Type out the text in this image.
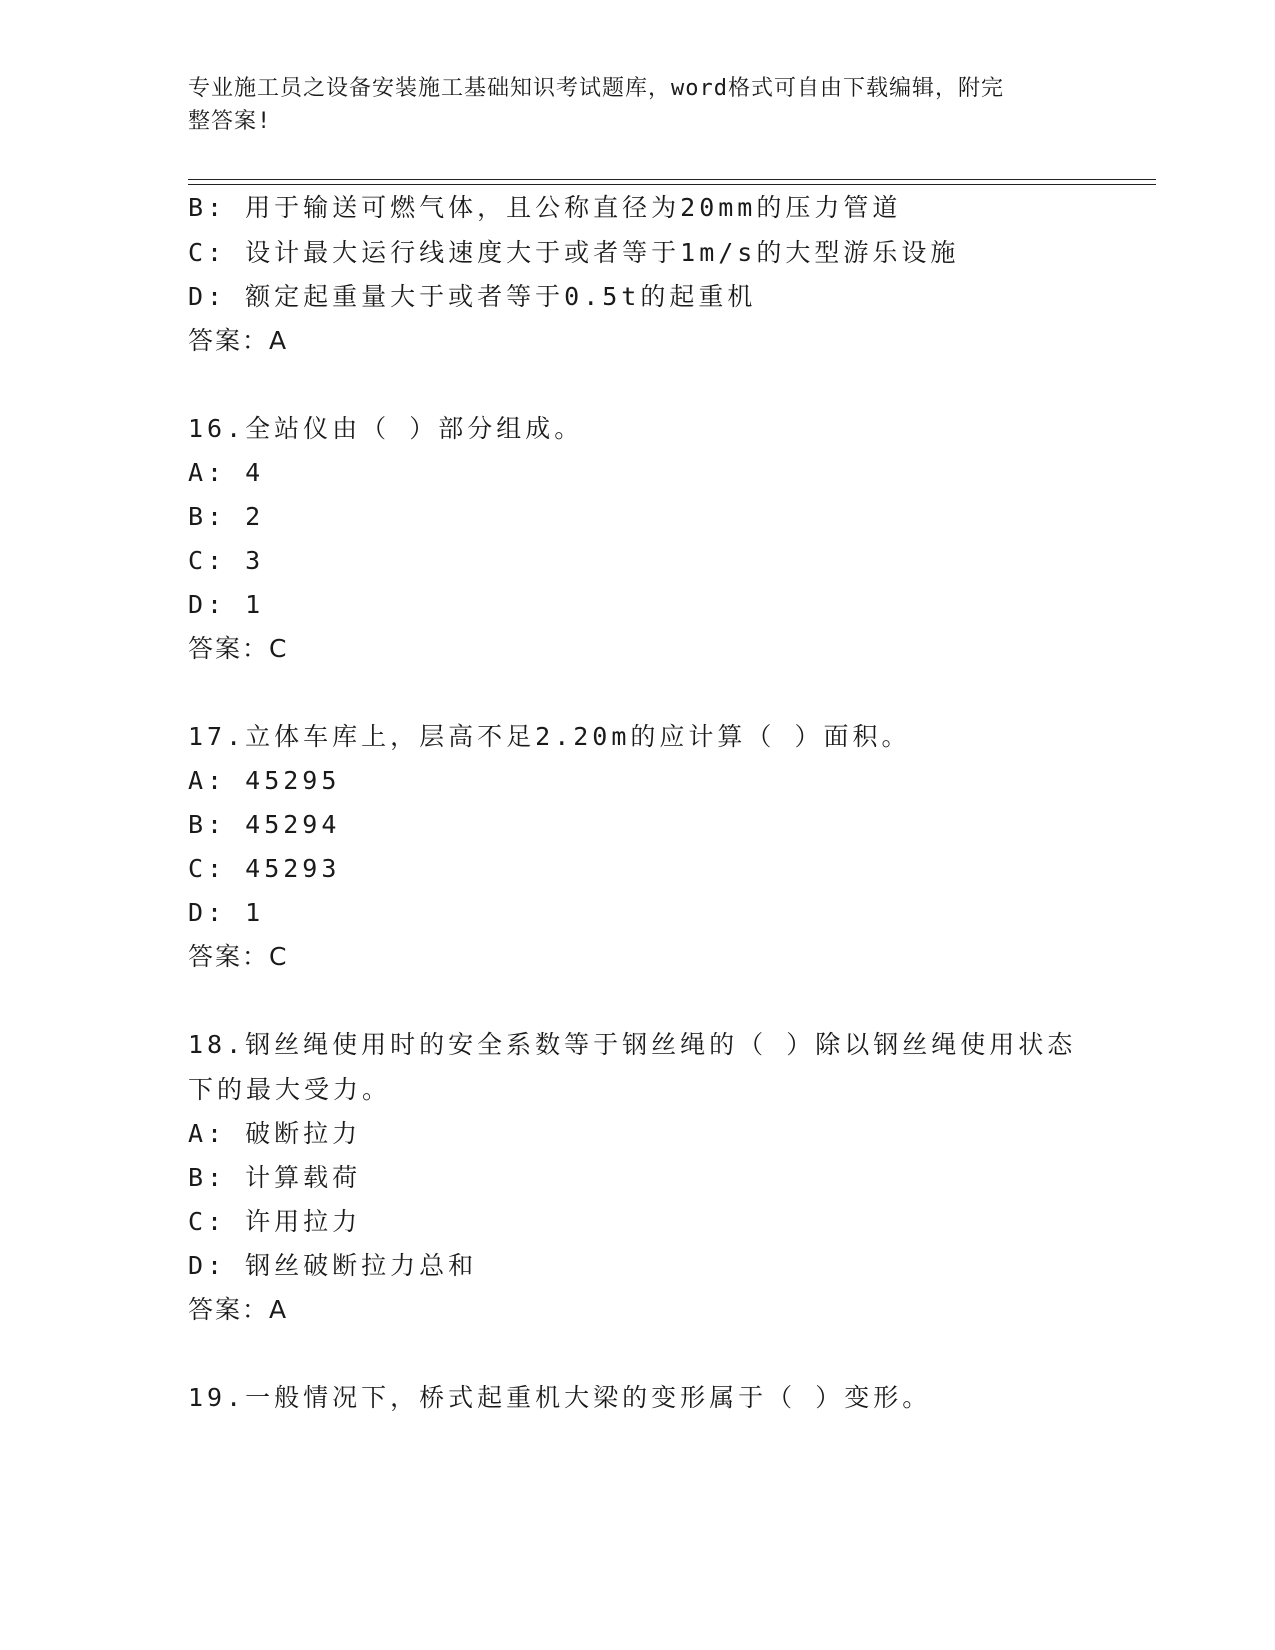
专业施工员之设备安装施工基础知识考试题库，word格式可自由下载编辑，附完
整答案!
B: 用于输送可燃气体，且公称直径为20mm的压力管道
C: 设计最大运行线速度大于或者等于1m/s的大型游乐设施
D: 额定起重量大于或者等于0.5t的起重机
答案：A
16.全站仪由（ ）部分组成。
A: 4
B: 2
C: 3
D: 1
答案：C
17.立体车库上，层高不足2.20m的应计算（ ）面积。
A: 45295
B: 45294
C: 45293
D: 1
答案：C
18.钢丝绳使用时的安全系数等于钢丝绳的（ ）除以钢丝绳使用状态
下的最大受力。
A: 破断拉力
B: 计算载荷
C: 许用拉力
D: 钢丝破断拉力总和
答案：A
19.一般情况下，桥式起重机大梁的变形属于（ ）变形。
